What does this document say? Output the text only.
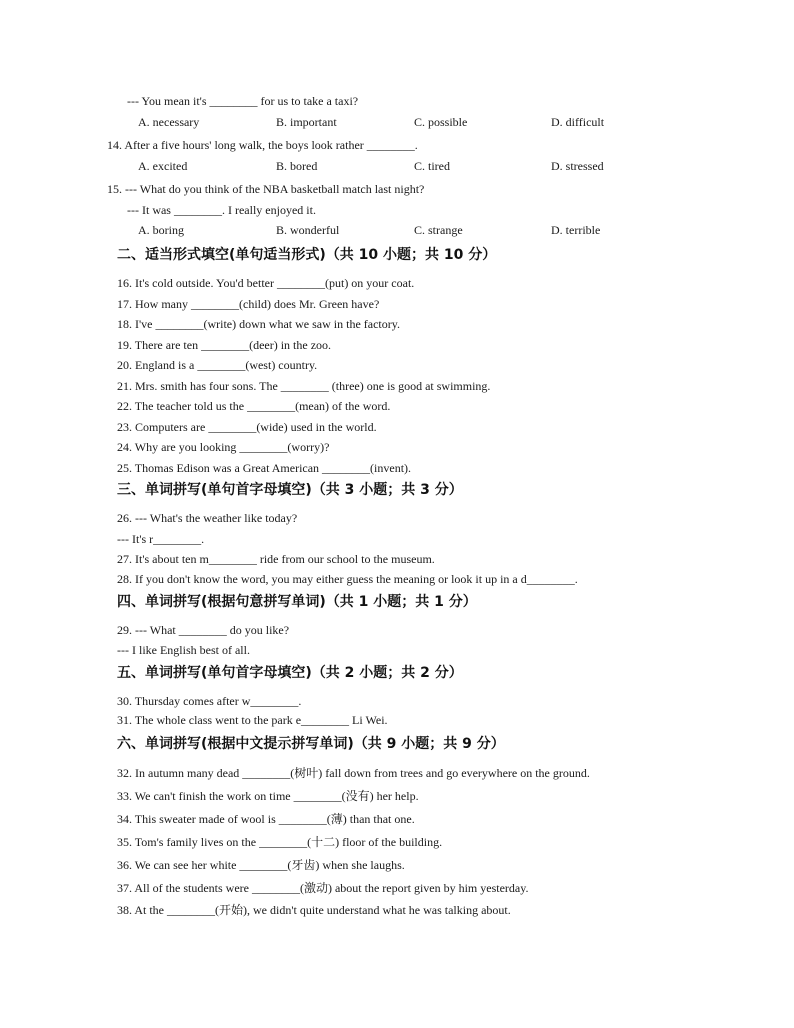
--- You mean it's ________ for us to take a taxi?
A. necessary	B. important	C. possible	D. difficult
14. After a five hours' long walk, the boys look rather ________.
A. excited	B. bored	C. tired	D. stressed
15. --- What do you think of the NBA basketball match last night?
--- It was ________. I really enjoyed it.
A. boring	B. wonderful	C. strange	D. terrible
二、适当形式填空(单句适当形式)（共 10 小题；共 10 分）
16. It's cold outside. You'd better ________(put) on your coat.
17. How many ________(child) does Mr. Green have?
18. I've ________(write) down what we saw in the factory.
19. There are ten ________(deer) in the zoo.
20. England is a ________(west) country.
21. Mrs. smith has four sons. The ________ (three) one is good at swimming.
22. The teacher told us the ________(mean) of the word.
23. Computers are ________(wide) used in the world.
24. Why are you looking ________(worry)?
25. Thomas Edison was a Great American ________(invent).
三、单词拼写(单句首字母填空)（共 3 小题；共 3 分）
26. --- What's the weather like today?
--- It's r________.
27. It's about ten m________ ride from our school to the museum.
28. If you don't know the word, you may either guess the meaning or look it up in a d________.
四、单词拼写(根据句意拼写单词)（共 1 小题；共 1 分）
29. --- What ________ do you like?
--- I like English best of all.
五、单词拼写(单句首字母填空)（共 2 小题；共 2 分）
30. Thursday comes after w________.
31. The whole class went to the park e________ Li Wei.
六、单词拼写(根据中文提示拼写单词)（共 9 小题；共 9 分）
32. In autumn many dead ________(树叶) fall down from trees and go everywhere on the ground.
33. We can't finish the work on time ________(没有) her help.
34. This sweater made of wool is ________(薄) than that one.
35. Tom's family lives on the ________(十二) floor of the building.
36. We can see her white ________(牙齿) when she laughs.
37. All of the students were ________(激动) about the report given by him yesterday.
38. At the ________(开始), we didn't quite understand what he was talking about.
